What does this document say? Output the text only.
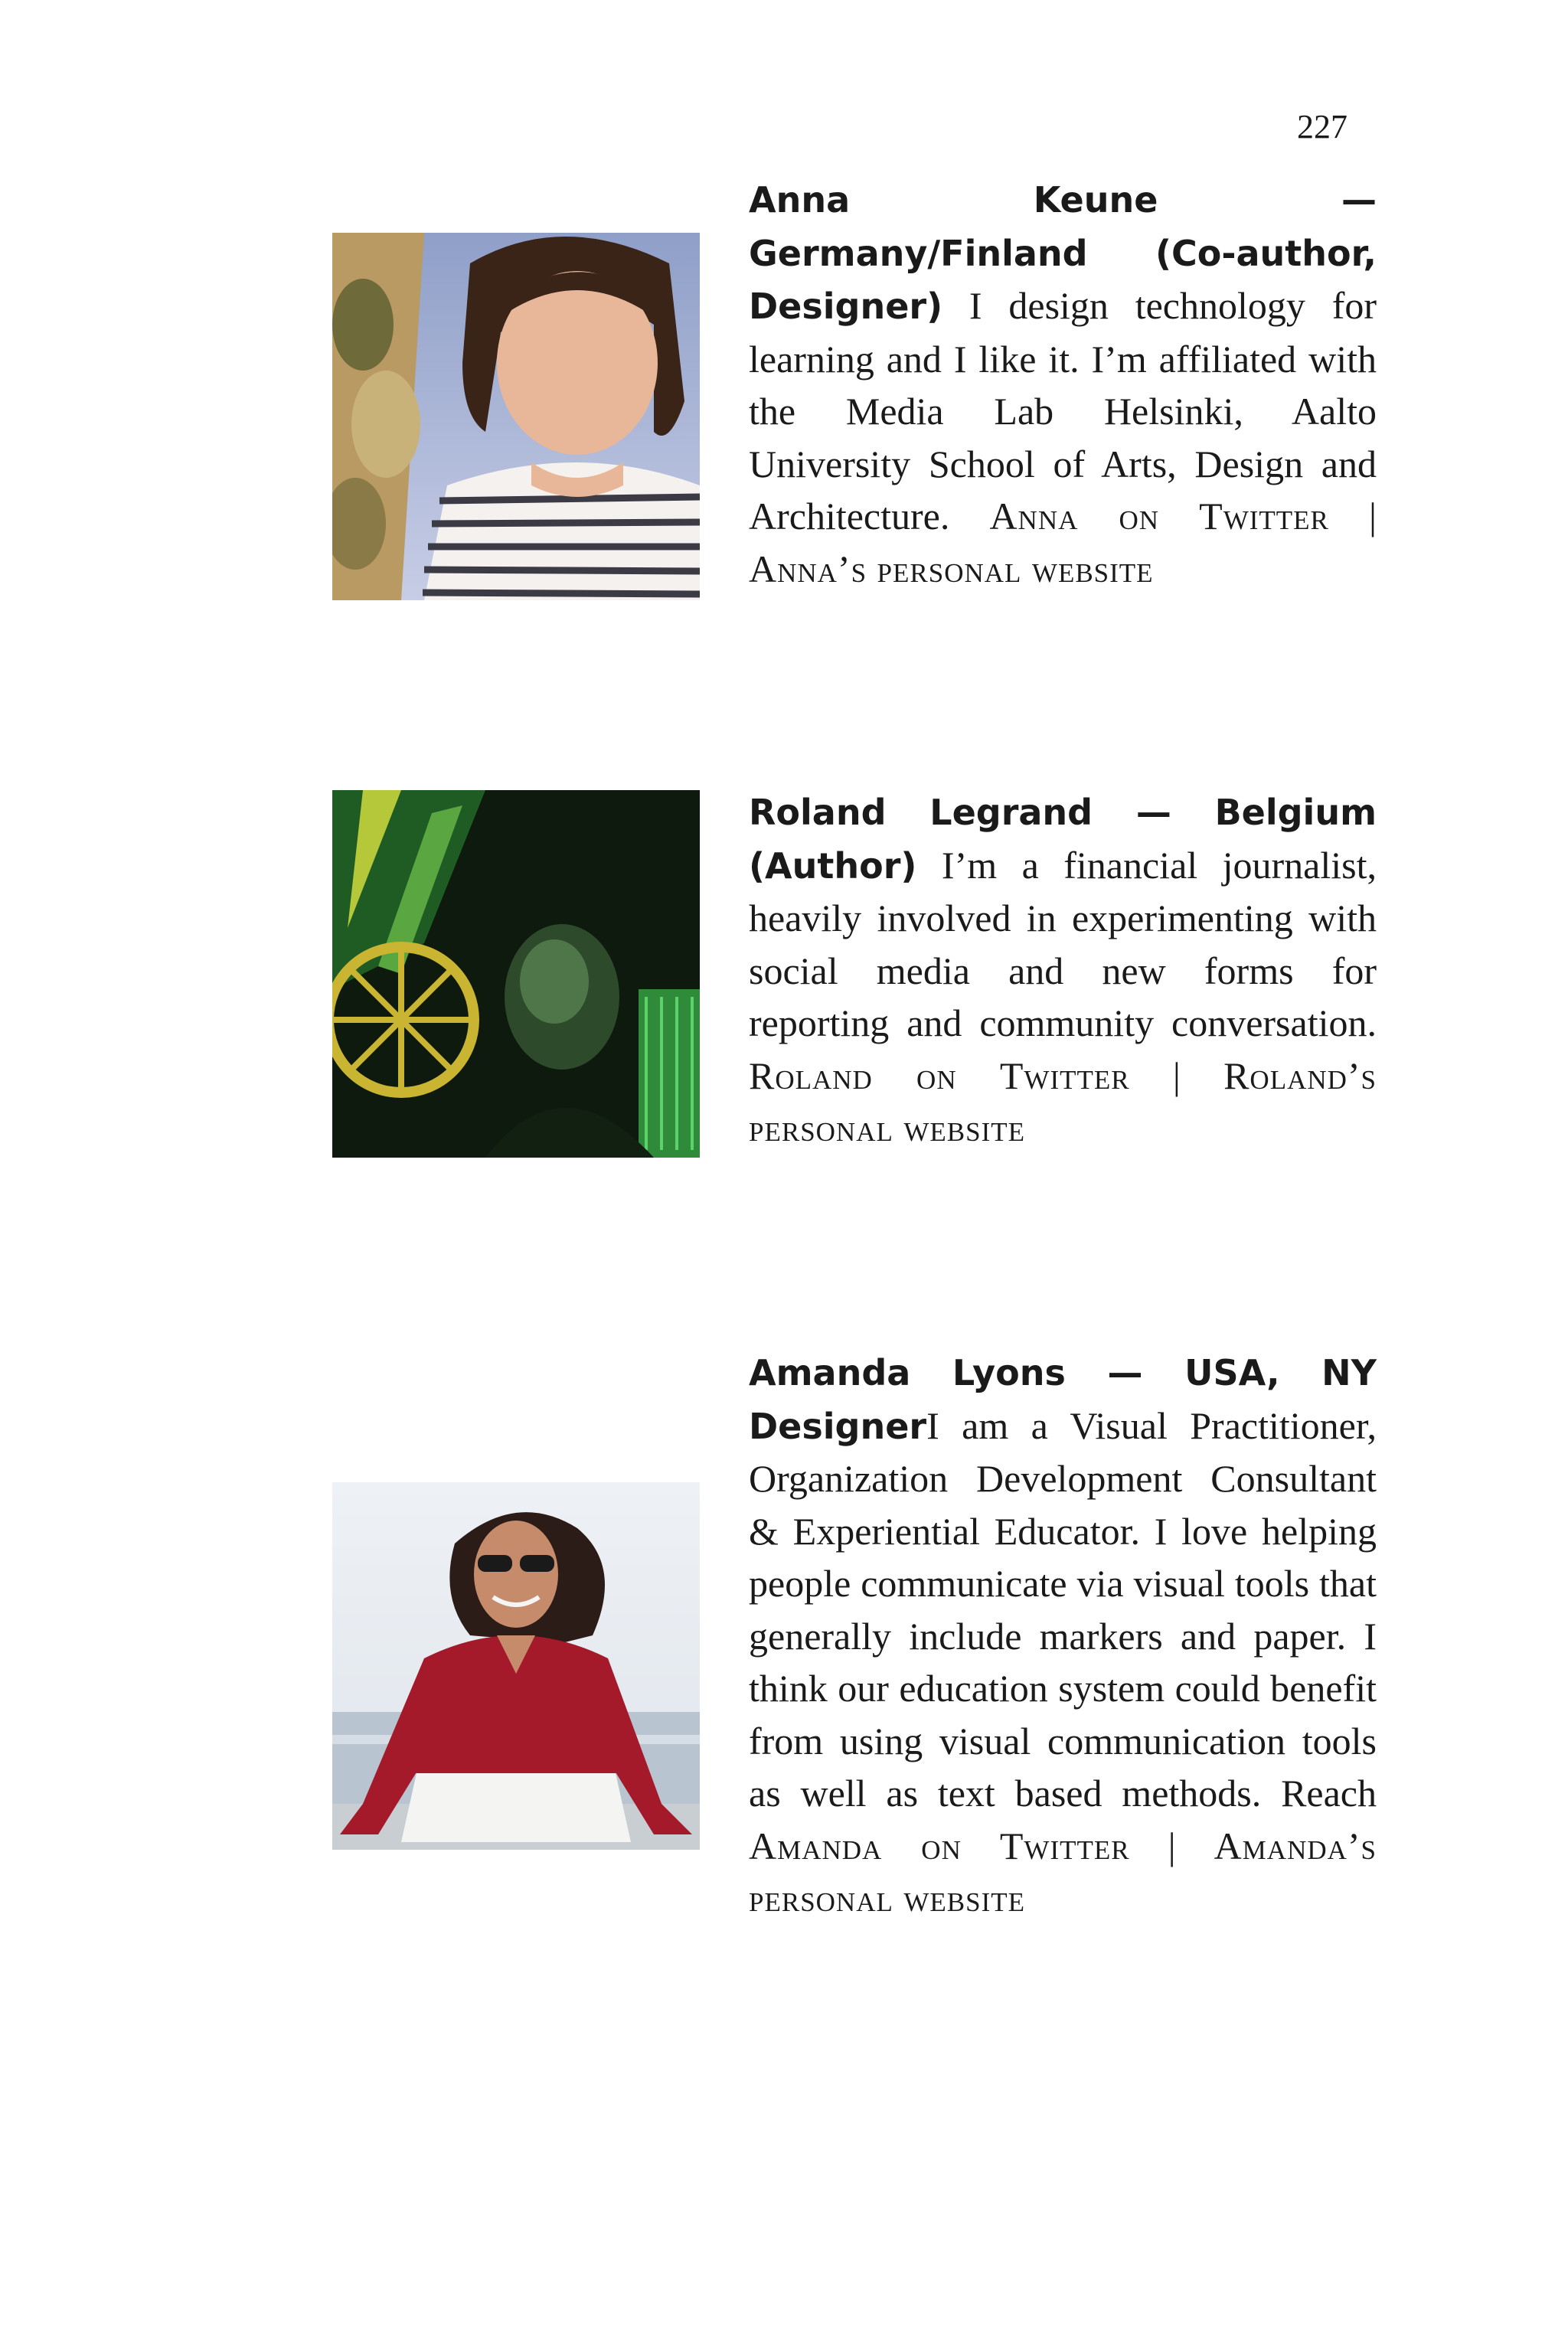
227
Anna Keune — Germany/Finland (Co-author, Designer) I design technology for learning and I like it. I’m affiliated with the Media Lab Helsinki, Aalto University School of Arts, Design and Architecture. Anna on Twitter | Anna’s personal website
Roland Legrand — Belgium (Author) I’m a financial journalist, heavily involved in experimenting with social media and new forms for reporting and community conversation. Roland on Twitter | Roland’s personal website
Amanda Lyons — USA, NY DesignerI am a Visual Practitioner, Organization Development Consultant & Experiential Educator. I love helping people communicate via visual tools that generally include markers and paper. I think our education system could benefit from using visual communication tools as well as text based methods. Reach Amanda on Twitter | Amanda’s personal website
